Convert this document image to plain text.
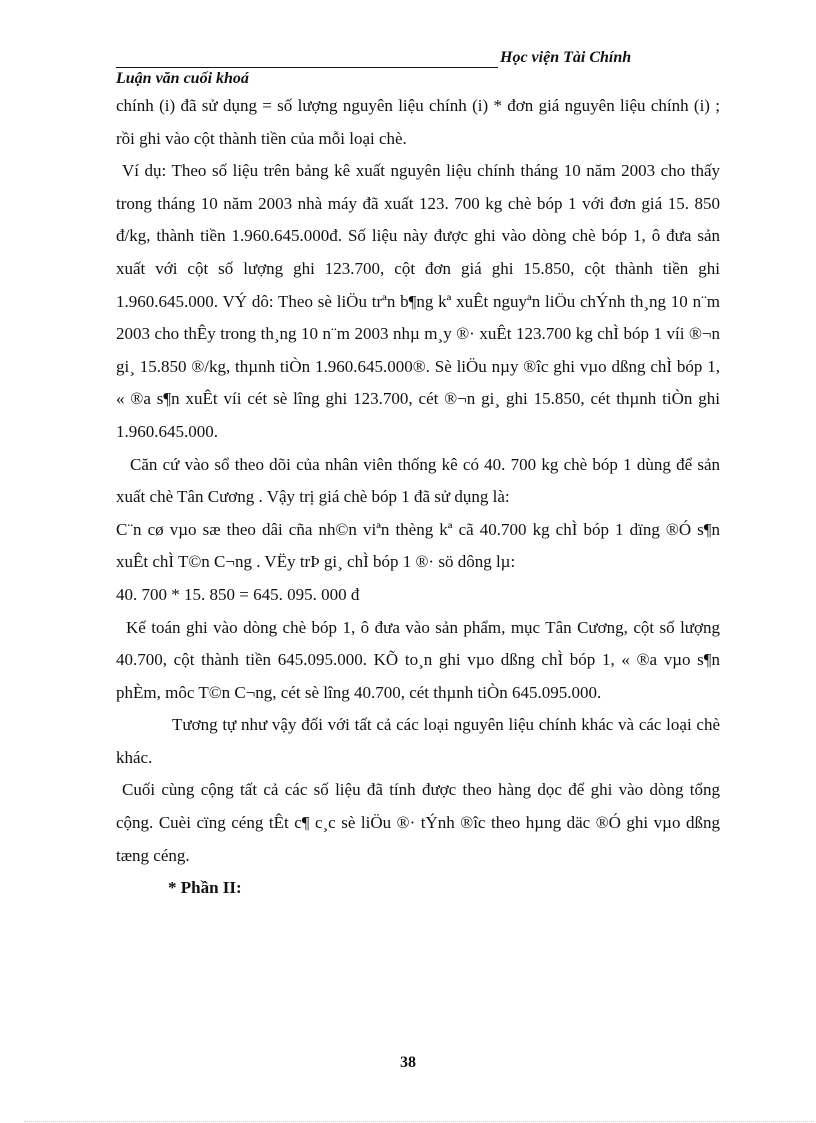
Học viện Tài Chính
Luận văn cuối khoá

chính (i) đã sử dụng = số lượng nguyên liệu chính (i) * đơn giá nguyên liệu chính (i) ; rồi ghi vào cột thành tiền của mỗi loại chè.

Ví dụ: Theo số liệu trên bảng kê xuất nguyên liệu chính tháng 10 năm 2003 cho thấy trong tháng 10 năm 2003 nhà máy đã xuất 123. 700 kg chè bóp 1 với đơn giá 15. 850 đ/kg, thành tiền 1.960.645.000đ. Số liệu này được ghi vào dòng chè bóp 1, ô đưa sản xuất với cột số lượng ghi 123.700, cột đơn giá ghi 15.850, cột thành tiền ghi 1.960.645.000. VÝ dô: Theo sè liÖu trªn b¶ng kª xuÊt nguyªn liÖu chÝnh th¸ng 10 n¨m 2003 cho thÊy trong th¸ng 10 n¨m 2003 nhµ m¸y ®· xuÊt 123.700 kg chÌ bóp 1 víi ®¬n gi¸ 15.850 ®/kg, thµnh tiÒn 1.960.645.000®. Sè liÖu nµy ®îc ghi vµo dßng chÌ bóp 1, « ®a s¶n xuÊt víi cét sè lîng ghi 123.700, cét ®¬n gi¸ ghi 15.850, cét thµnh tiÒn ghi 1.960.645.000.

Căn cứ vào sổ theo dõi của nhân viên thống kê có 40. 700 kg chè bóp 1 dùng để sản xuất chè Tân Cương . Vậy trị giá chè bóp 1 đã sử dụng là:

C¨n cø vµo sæ theo dâi cña nh©n viªn thèng kª cã 40.700 kg chÌ bóp 1 dïng ®Ó s¶n xuÊt chÌ T©n C¬ng . VËy trÞ gi¸ chÌ bóp 1 ®· sö dông lµ:

40. 700 * 15. 850 = 645. 095. 000 đ

Kế toán ghi vào dòng chè bóp 1, ô đưa vào sản phẩm, mục Tân Cương, cột số lượng 40.700, cột thành tiền 645.095.000. KÕ to¸n ghi vµo dßng chÌ bóp 1, « ®a vµo s¶n phÈm, môc T©n C¬ng, cét sè lîng 40.700, cét thµnh tiÒn 645.095.000.

Tương tự như vậy đối với tất cả các loại nguyên liệu chính khác và các loại chè khác.

Cuối cùng cộng tất cả các số liệu đã tính được theo hàng dọc để ghi vào dòng tổng cộng. Cuèi cïng céng tÊt c¶ c¸c sè liÖu ®· tÝnh ®îc theo hµng däc ®Ó ghi vµo dßng tæng céng.

* Phần II:

38
